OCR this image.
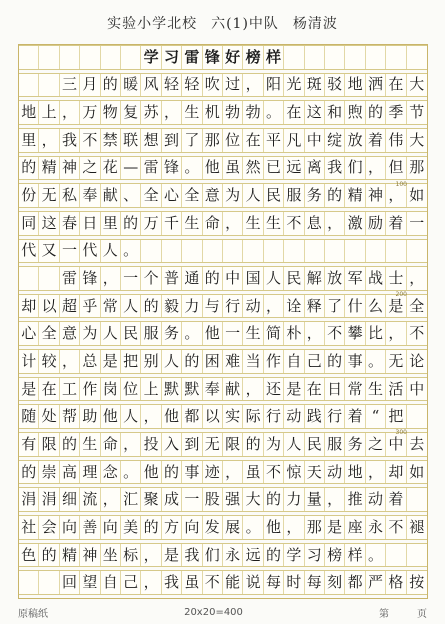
实验小学北校 六(1)中队 杨清波
学 习 雷 锋 好 榜 样
三 月 的 暖 风 轻 轻 吹 过 ， 阳 光 斑 驳 地 洒 在 大
地 上 ， 万 物 复 苏 ， 生 机 勃 勃 。 在 这 和 煦 的 季 节
里 ， 我 不 禁 联 想 到 了 那 位 在 平 凡 中 绽 放 着 伟 大
的 精 神 之 花 — 雷 锋 。 他 虽 然 已 远 离 我 们 ， 但 那
份 无 私 奉 献 、 全 心 全 意 为 人 民 服 务 的 精 神 ， 如
同 这 春 日 里 的 万 千 生 命 ， 生 生 不 息 ， 激 励 着 一
代 又 一 代 人 。
雷 锋 ， 一 个 普 通 的 中 国 人 民 解 放 军 战 士 ，
却 以 超 乎 常 人 的 毅 力 与 行 动 ， 诠 释 了 什 么 是 全
心 全 意 为 人 民 服 务 。 他 一 生 简 朴 ， 不 攀 比 ， 不
计 较 ， 总 是 把 别 人 的 困 难 当 作 自 己 的 事 。 无 论
是 在 工 作 岗 位 上 默 默 奉 献 ， 还 是 在 日 常 生 活 中
随 处 帮 助 他 人 ， 他 都 以 实 际 行 动 践 行 着 “ 把
有 限 的 生 命 ， 投 入 到 无 限 的 为 人 民 服 务 之 中 去
的 崇 高 理 念 。 他 的 事 迹 ， 虽 不 惊 天 动 地 ， 却 如
涓 涓 细 流 ， 汇 聚 成 一 股 强 大 的 力 量 ， 推 动 着
社 会 向 善 向 美 的 方 向 发 展 。 他 ， 那 是 座 永 不 褪
色 的 精 神 坐 标 ， 是 我 们 永 远 的 学 习 榜 样 。
回 望 自 己 ， 我 虽 不 能 说 每 时 每 刻 都 严 格 按
100
200
300
原稿纸	20x20=400	第	页
